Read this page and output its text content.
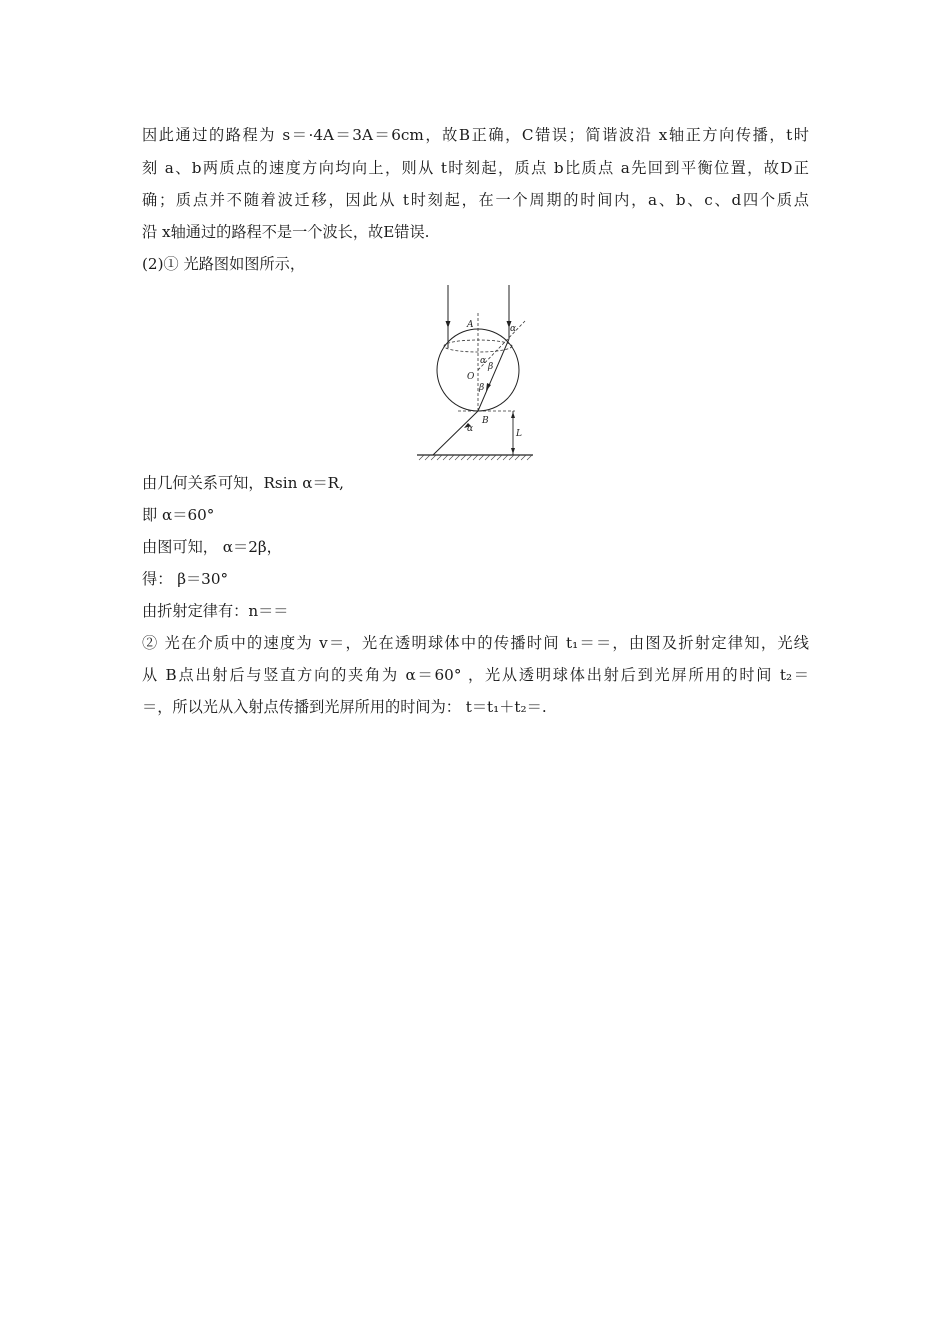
因此通过的路程为 s＝·4A＝3A＝6cm，故B正确，C错误；简谐波沿 x轴正方向传播，t时
刻 a、b两质点的速度方向均向上，则从 t时刻起，质点 b比质点 a先回到平衡位置，故D正
确；质点并不随着波迁移，因此从 t时刻起，在一个周期的时间内，a、b、c、d四个质点
沿 x轴通过的路程不是一个波长，故E错误.
(2)① 光路图如图所示，
A
O
B
L
α
α
β
β
α
由几何关系可知，Rsin α＝R,
即 α＝60°
由图可知， α＝2β，
得： β＝30°
由折射定律有：n＝＝
② 光在介质中的速度为 v＝，光在透明球体中的传播时间 t₁＝＝，由图及折射定律知，光线
从 B点出射后与竖直方向的夹角为 α＝60° ，光从透明球体出射后到光屏所用的时间 t₂＝
＝，所以光从入射点传播到光屏所用的时间为： t＝t₁＋t₂＝.
